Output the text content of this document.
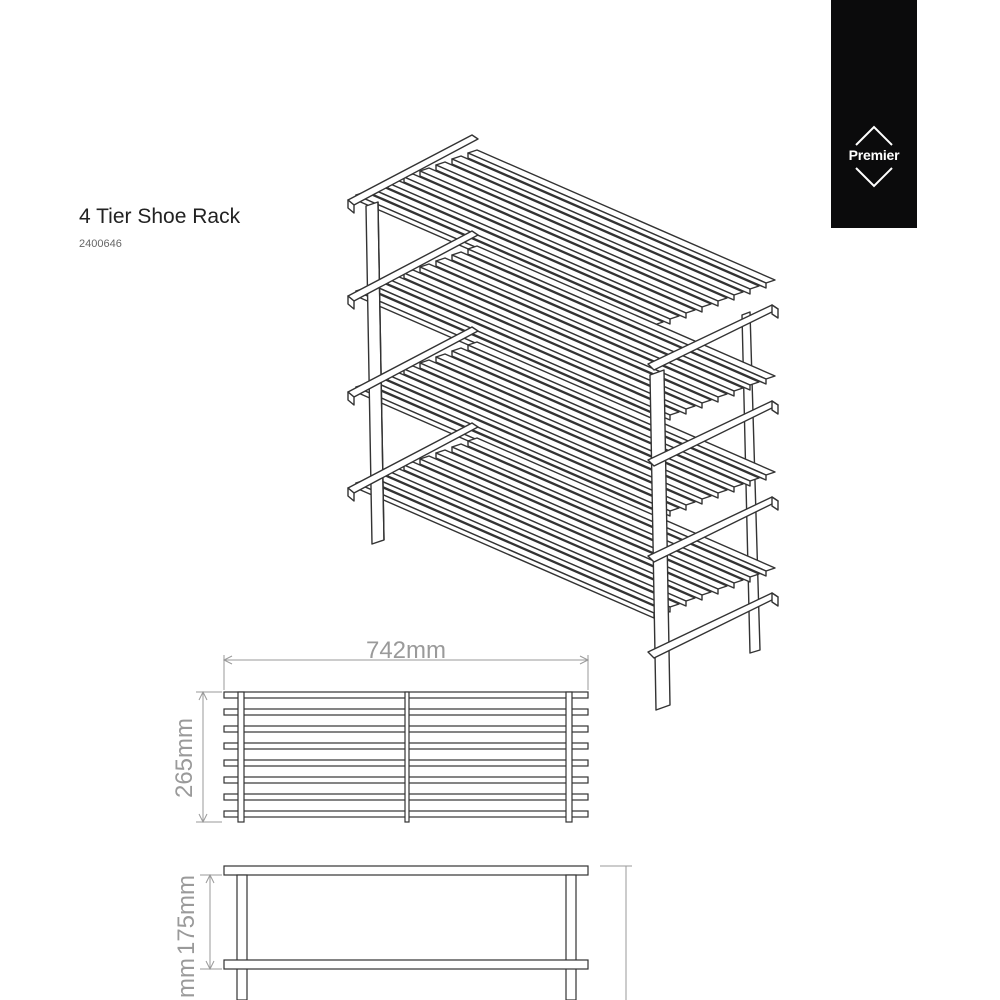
Premier
4 Tier Shoe Rack
2400646
742mm
265mm
175mm
mm
